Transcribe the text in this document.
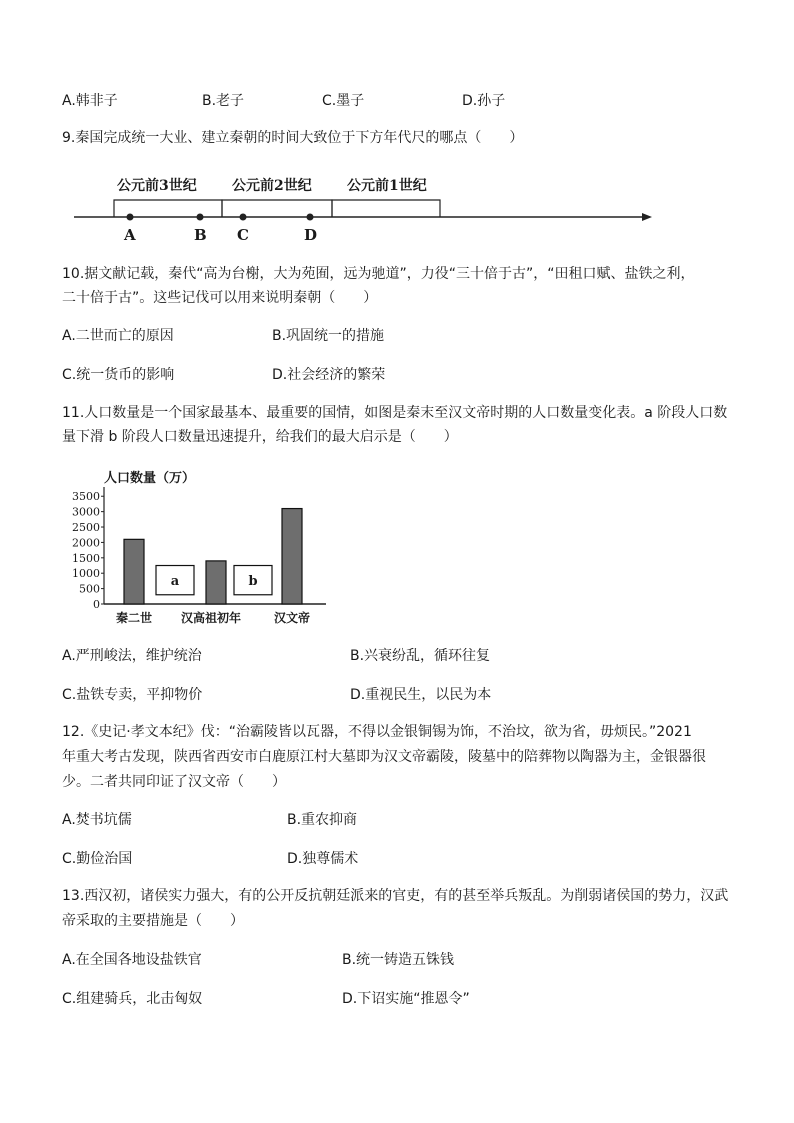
A.韩非子	B.老子	C.墨子	D.孙子
9.秦国完成统一大业、建立秦朝的时间大致位于下方年代尺的哪点（　　）
公元前3世纪	公元前2世纪	公元前1世纪
A	B C	D
10.据文献记载，秦代“高为台榭，大为苑囿，远为驰道”，力役“三十倍于古”，“田租口赋、盐铁之利，
二十倍于古”。这些记伐可以用来说明秦朝（　　）
A.二世而亡的原因	B.巩固统一的措施
C.统一货币的影响	D.社会经济的繁荣
11.人口数量是一个国家最基本、最重要的国情，如图是秦末至汉文帝时期的人口数量变化表。a 阶段人口数
量下滑 b 阶段人口数量迅速提升，给我们的最大启示是（　　）
人口数量（万）
0
500
1000
1500
2000
2500
3000
3500
a	b
秦二世 汉高祖初年	汉文帝
A.严刑峻法，维护统治	B.兴衰纷乱，循环往复
C.盐铁专卖，平抑物价	D.重视民生，以民为本
12.《史记·孝文本纪》伐：“治霸陵皆以瓦器，不得以金银铜锡为饰，不治坟，欲为省，毋烦民。”2021
年重大考古发现，陕西省西安市白鹿原江村大墓即为汉文帝霸陵，陵墓中的陪葬物以陶器为主，金银器很
少。二者共同印证了汉文帝（　　）
A.焚书坑儒	B.重农抑商
C.勤俭治国	D.独尊儒术
13.西汉初，诸侯实力强大，有的公开反抗朝廷派来的官吏，有的甚至举兵叛乱。为削弱诸侯国的势力，汉武
帝采取的主要措施是（　　）
A.在全国各地设盐铁官	B.统一铸造五铢钱
C.组建骑兵，北击匈奴	D.下诏实施“推恩令”
